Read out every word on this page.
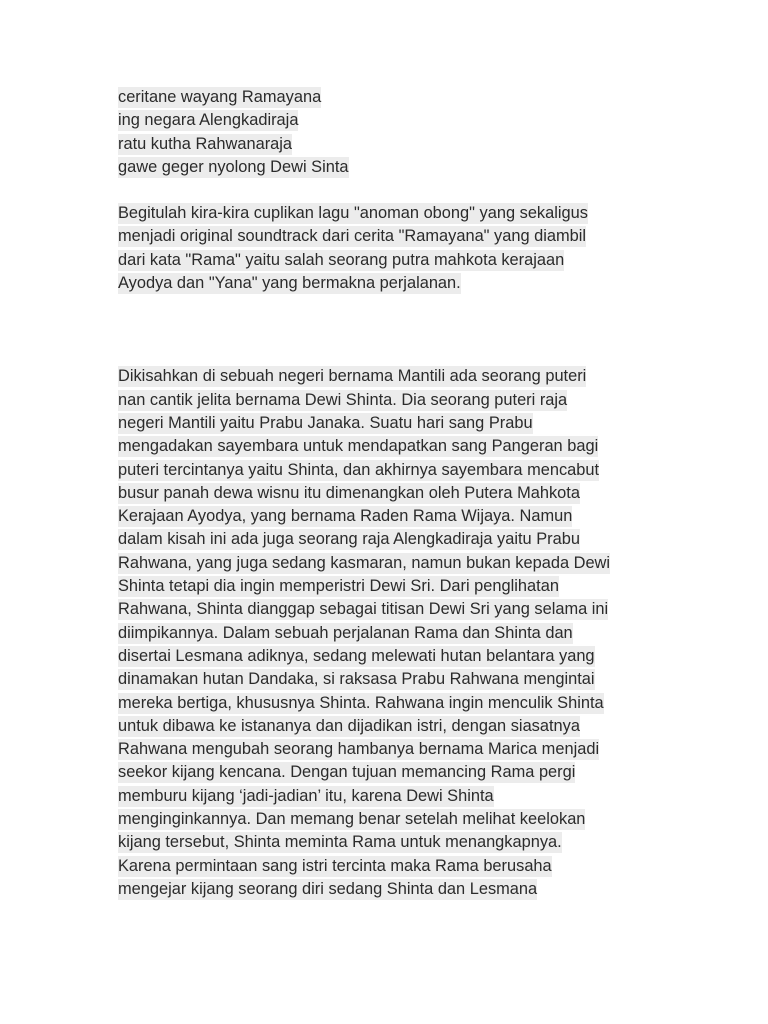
ceritane wayang Ramayana
ing negara Alengkadiraja
ratu kutha Rahwanaraja
gawe geger nyolong Dewi Sinta
Begitulah kira-kira cuplikan lagu "anoman obong" yang sekaligus
menjadi original soundtrack dari cerita "Ramayana" yang diambil
dari kata "Rama" yaitu salah seorang putra mahkota kerajaan
Ayodya dan "Yana" yang bermakna perjalanan.
Dikisahkan di sebuah negeri bernama Mantili ada seorang puteri
nan cantik jelita bernama Dewi Shinta. Dia seorang puteri raja
negeri Mantili yaitu Prabu Janaka. Suatu hari sang Prabu
mengadakan sayembara untuk mendapatkan sang Pangeran bagi
puteri tercintanya yaitu Shinta, dan akhirnya sayembara mencabut
busur panah dewa wisnu itu dimenangkan oleh Putera Mahkota
Kerajaan Ayodya, yang bernama Raden Rama Wijaya. Namun
dalam kisah ini ada juga seorang raja Alengkadiraja yaitu Prabu
Rahwana, yang juga sedang kasmaran, namun bukan kepada Dewi
Shinta tetapi dia ingin memperistri Dewi Sri. Dari penglihatan
Rahwana, Shinta dianggap sebagai titisan Dewi Sri yang selama ini
diimpikannya. Dalam sebuah perjalanan Rama dan Shinta dan
disertai Lesmana adiknya, sedang melewati hutan belantara yang
dinamakan hutan Dandaka, si raksasa Prabu Rahwana mengintai
mereka bertiga, khususnya Shinta. Rahwana ingin menculik Shinta
untuk dibawa ke istananya dan dijadikan istri, dengan siasatnya
Rahwana mengubah seorang hambanya bernama Marica menjadi
seekor kijang kencana. Dengan tujuan memancing Rama pergi
memburu kijang ‘jadi-jadian’ itu, karena Dewi Shinta
menginginkannya. Dan memang benar setelah melihat keelokan
kijang tersebut, Shinta meminta Rama untuk menangkapnya.
Karena permintaan sang istri tercinta maka Rama berusaha
mengejar kijang seorang diri sedang Shinta dan Lesmana
